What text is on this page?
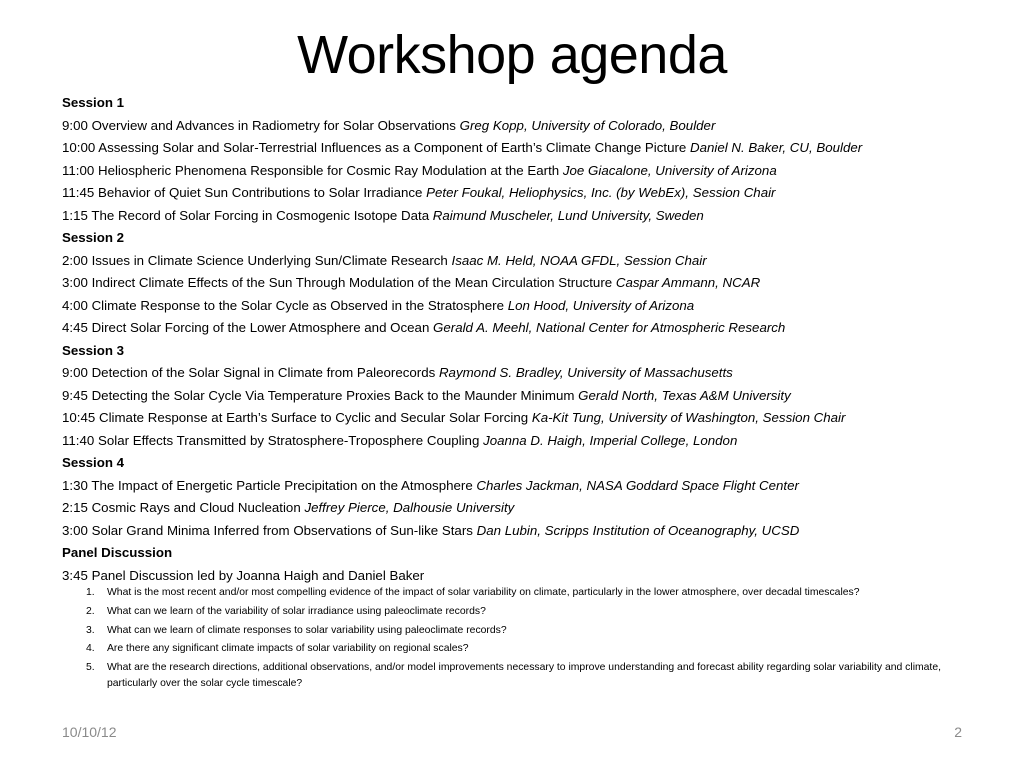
Workshop agenda
Session 1
9:00 Overview and Advances in Radiometry for Solar Observations Greg Kopp, University of Colorado, Boulder
10:00 Assessing Solar and Solar-Terrestrial Influences as a Component of Earth’s Climate Change Picture Daniel N. Baker, CU, Boulder
11:00 Heliospheric Phenomena Responsible for Cosmic Ray Modulation at the Earth Joe Giacalone, University of Arizona
11:45 Behavior of Quiet Sun Contributions to Solar Irradiance Peter Foukal, Heliophysics, Inc. (by WebEx), Session Chair
1:15 The Record of Solar Forcing in Cosmogenic Isotope Data Raimund Muscheler, Lund University, Sweden
Session 2
2:00 Issues in Climate Science Underlying Sun/Climate Research Isaac M. Held, NOAA GFDL, Session Chair
3:00 Indirect Climate Effects of the Sun Through Modulation of the Mean Circulation Structure Caspar Ammann, NCAR
4:00 Climate Response to the Solar Cycle as Observed in the Stratosphere Lon Hood, University of Arizona
4:45 Direct Solar Forcing of the Lower Atmosphere and Ocean Gerald A. Meehl, National Center for Atmospheric Research
Session 3
9:00 Detection of the Solar Signal in Climate from Paleorecords Raymond S. Bradley, University of Massachusetts
9:45 Detecting the Solar Cycle Via Temperature Proxies Back to the Maunder Minimum Gerald North, Texas A&M University
10:45 Climate Response at Earth’s Surface to Cyclic and Secular Solar Forcing Ka-Kit Tung, University of Washington, Session Chair
11:40 Solar Effects Transmitted by Stratosphere-Troposphere Coupling Joanna D. Haigh, Imperial College, London
Session 4
1:30 The Impact of Energetic Particle Precipitation on the Atmosphere Charles Jackman, NASA Goddard Space Flight Center
2:15 Cosmic Rays and Cloud Nucleation Jeffrey Pierce, Dalhousie University
3:00 Solar Grand Minima Inferred from Observations of Sun-like Stars Dan Lubin, Scripps Institution of Oceanography, UCSD
Panel Discussion
3:45 Panel Discussion led by Joanna Haigh and Daniel Baker
1. What is the most recent and/or most compelling evidence of the impact of solar variability on climate, particularly in the lower atmosphere, over decadal timescales?
2. What can we learn of the variability of solar irradiance using paleoclimate records?
3. What can we learn of climate responses to solar variability using paleoclimate records?
4. Are there any significant climate impacts of solar variability on regional scales?
5. What are the research directions, additional observations, and/or model improvements necessary to improve understanding and forecast ability regarding solar variability and climate, particularly over the solar cycle timescale?
10/10/12	2
